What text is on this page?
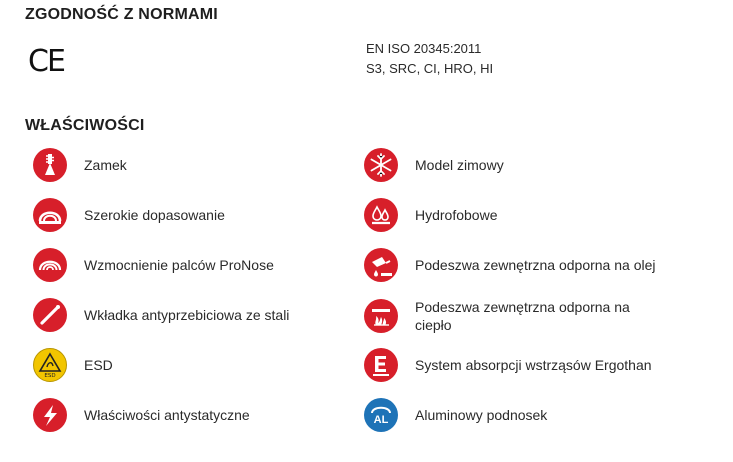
ZGODNOŚĆ Z NORMAMI
CE	EN ISO 20345:2011
S3, SRC, CI, HRO, HI
WŁAŚCIWOŚCI
Zamek
Szerokie dopasowanie
Wzmocnienie palców ProNose
Wkładka antyprzebiciowa ze stali
ESD
ESD
Właściwości antystatyczne
Model zimowy
Hydrofobowe
Podeszwa zewnętrzna odporna na olej
Podeszwa zewnętrzna odporna na
ciepło
System absorpcji wstrząsów Ergothan
AL Aluminowy podnosek
